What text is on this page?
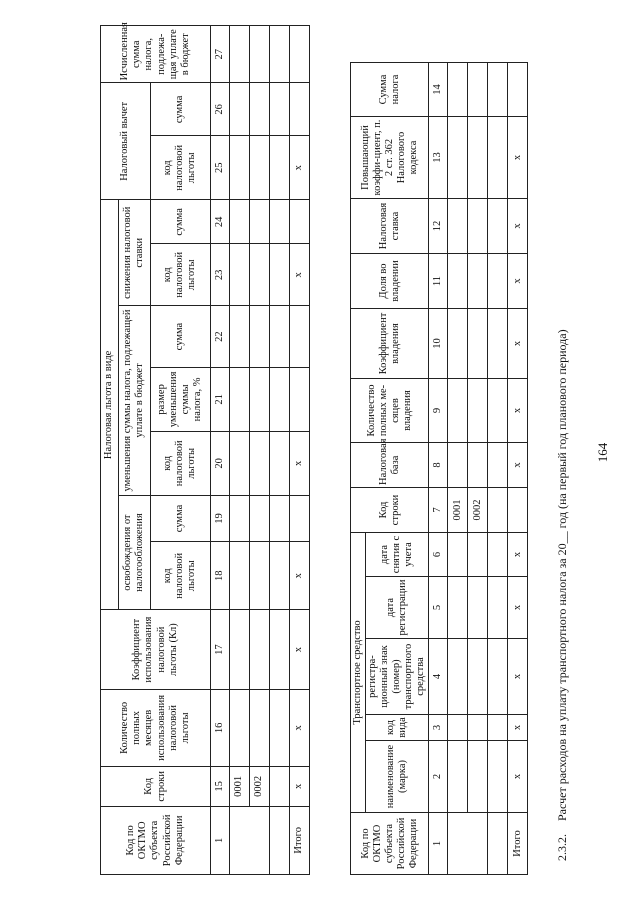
164
2.3.2. Расчет расходов на уплату транспортного налога за 20__ год (на первый год планового периода)
Код по ОКТМО субъекта Российской Федерации	Транспортное средство					Код строки	Налоговая база	Количество полных ме-сяцев владения	Коэффициент владения	Доля во владении	Налоговая ставка	Повышающий коэффи-циент, п. 2 ст. 362 Налогового кодекса	Сумма налога
	наименование (марка)	код вида	регистра-ционный знак (номер) транспортного средства	дата регистрации	дата снятия с учета								
1	2	3	4	5	6	7	8	9	10	11	12	13	14
						0001							
						0002							

Итого	x	x	x	x	x		x	x	x	x	x	x	
Код по ОКТМО субъекта Российской Федерации	Код строки	Количество полных месяцев использования налоговой льготы	Коэффициент использования налоговой льготы (Кл)	Налоговая льгота в виде							Налоговый вычет		Исчисленная сумма налога, подлежа-щая уплате в бюджет
				освобождения от налогообложения		уменьшения суммы налога, подлежащей уплате в бюджет			снижения налоговой ставки				
				код налоговой льготы	сумма	код налоговой льготы	размер уменьшения суммы налога, %	сумма	код налоговой льготы	сумма	код налоговой льготы	сумма	
1	15	16	17	18	19	20	21	22	23	24	25	26	27
	0001												
	0002												

Итого	x	x	x	x		x			x		x		
